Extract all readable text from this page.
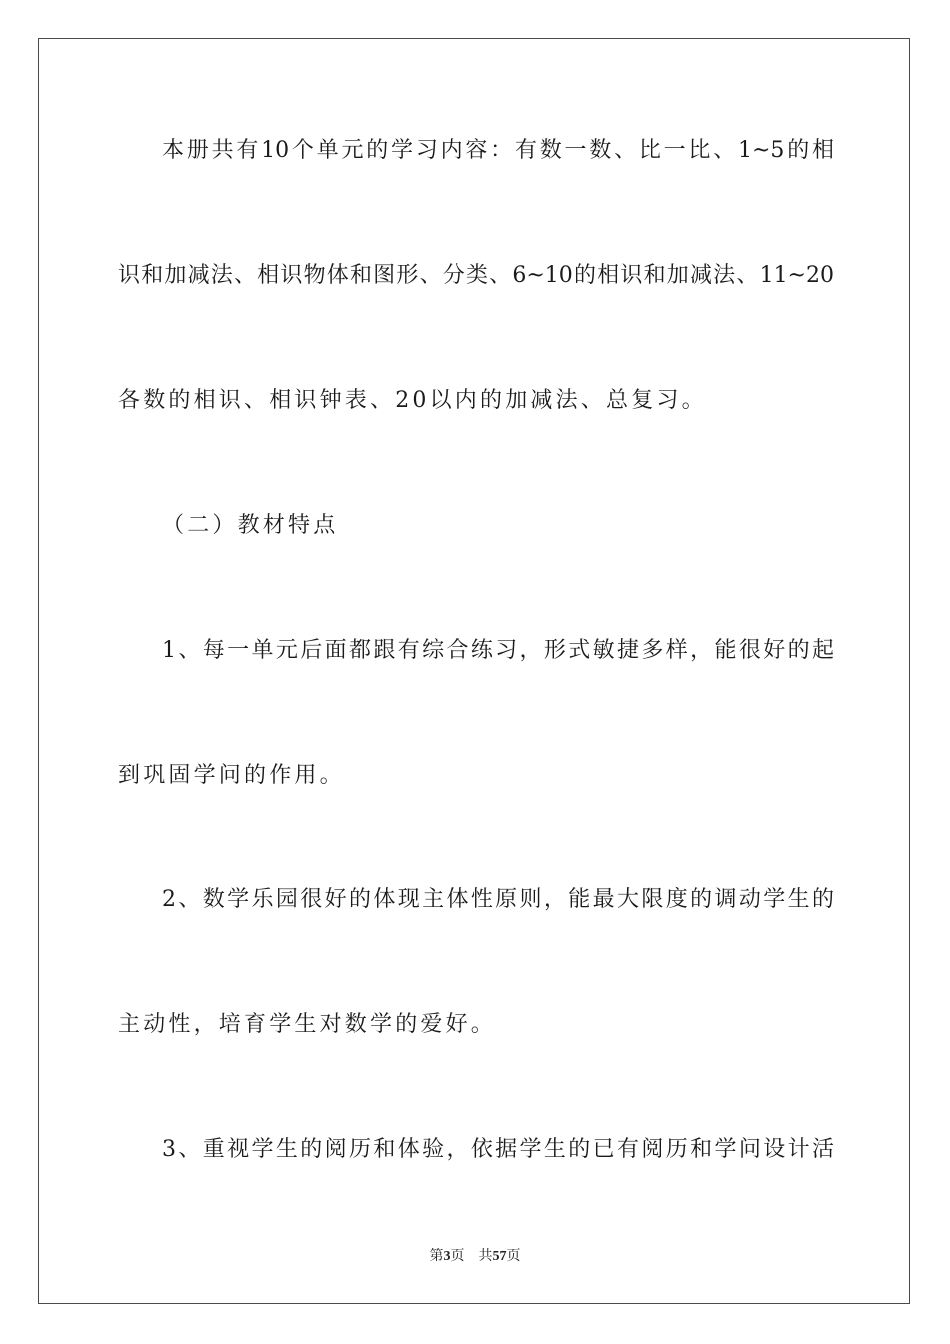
本册共有10个单元的学习内容：有数一数、比一比、1~5的相
识和加减法、相识物体和图形、分类、6~10的相识和加减法、11~20
各数的相识、相识钟表、20以内的加减法、总复习。
（二）教材特点
1、每一单元后面都跟有综合练习，形式敏捷多样，能很好的起
到巩固学问的作用。
2、数学乐园很好的体现主体性原则，能最大限度的调动学生的
主动性，培育学生对数学的爱好。
3、重视学生的阅历和体验，依据学生的已有阅历和学问设计活
第3页 共57页
